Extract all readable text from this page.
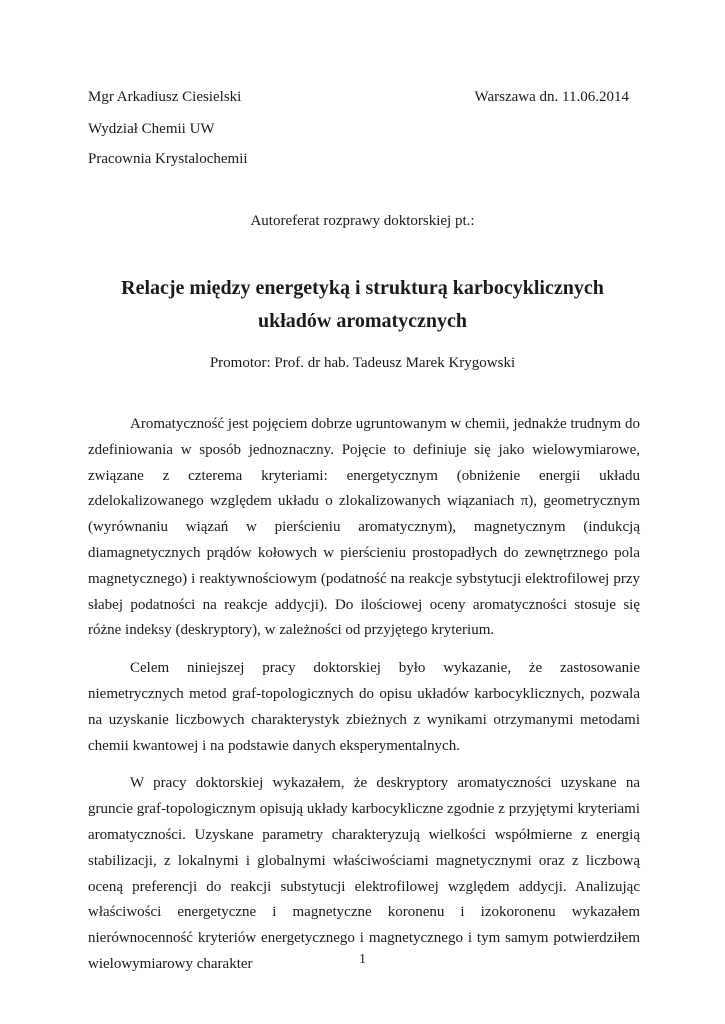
Mgr Arkadiusz Ciesielski	Warszawa dn. 11.06.2014
Wydział Chemii UW
Pracownia Krystalochemii
Autoreferat rozprawy doktorskiej pt.:
Relacje między energetyką i strukturą karbocyklicznych układów aromatycznych
Promotor: Prof. dr hab. Tadeusz Marek Krygowski

Aromatyczność jest pojęciem dobrze ugruntowanym w chemii, jednakże trudnym do zdefiniowania w sposób jednoznaczny. Pojęcie to definiuje się jako wielowymiarowe, związane z czterema kryteriami: energetycznym (obniżenie energii układu zdelokalizowanego względem układu o zlokalizowanych wiązaniach π), geometrycznym (wyrównaniu wiązań w pierścieniu aromatycznym), magnetycznym (indukcją diamagnetycznych prądów kołowych w pierścieniu prostopadłych do zewnętrznego pola magnetycznego) i reaktywnościowym (podatność na reakcje sybstytucji elektrofilowej przy słabej podatności na reakcje addycji). Do ilościowej oceny aromatyczności stosuje się różne indeksy (deskryptory), w zależności od przyjętego kryterium.

Celem niniejszej pracy doktorskiej było wykazanie, że zastosowanie niemetrycznych metod graf-topologicznych do opisu układów karbocyklicznych, pozwala na uzyskanie liczbowych charakterystyk zbieżnych z wynikami otrzymanymi metodami chemii kwantowej i na podstawie danych eksperymentalnych.

W pracy doktorskiej wykazałem, że deskryptory aromatyczności uzyskane na gruncie graf-topologicznym opisują układy karbocykliczne zgodnie z przyjętymi kryteriami aromatyczności. Uzyskane parametry charakteryzują wielkości współmierne z energią stabilizacji, z lokalnymi i globalnymi właściwościami magnetycznymi oraz z liczbową oceną preferencji do reakcji substytucji elektrofilowej względem addycji. Analizując właściwości energetyczne i magnetyczne koronenu i izokoronenu wykazałem nierównocenność kryteriów energetycznego i magnetycznego i tym samym potwierdziłem wielowymiarowy charakter	1
